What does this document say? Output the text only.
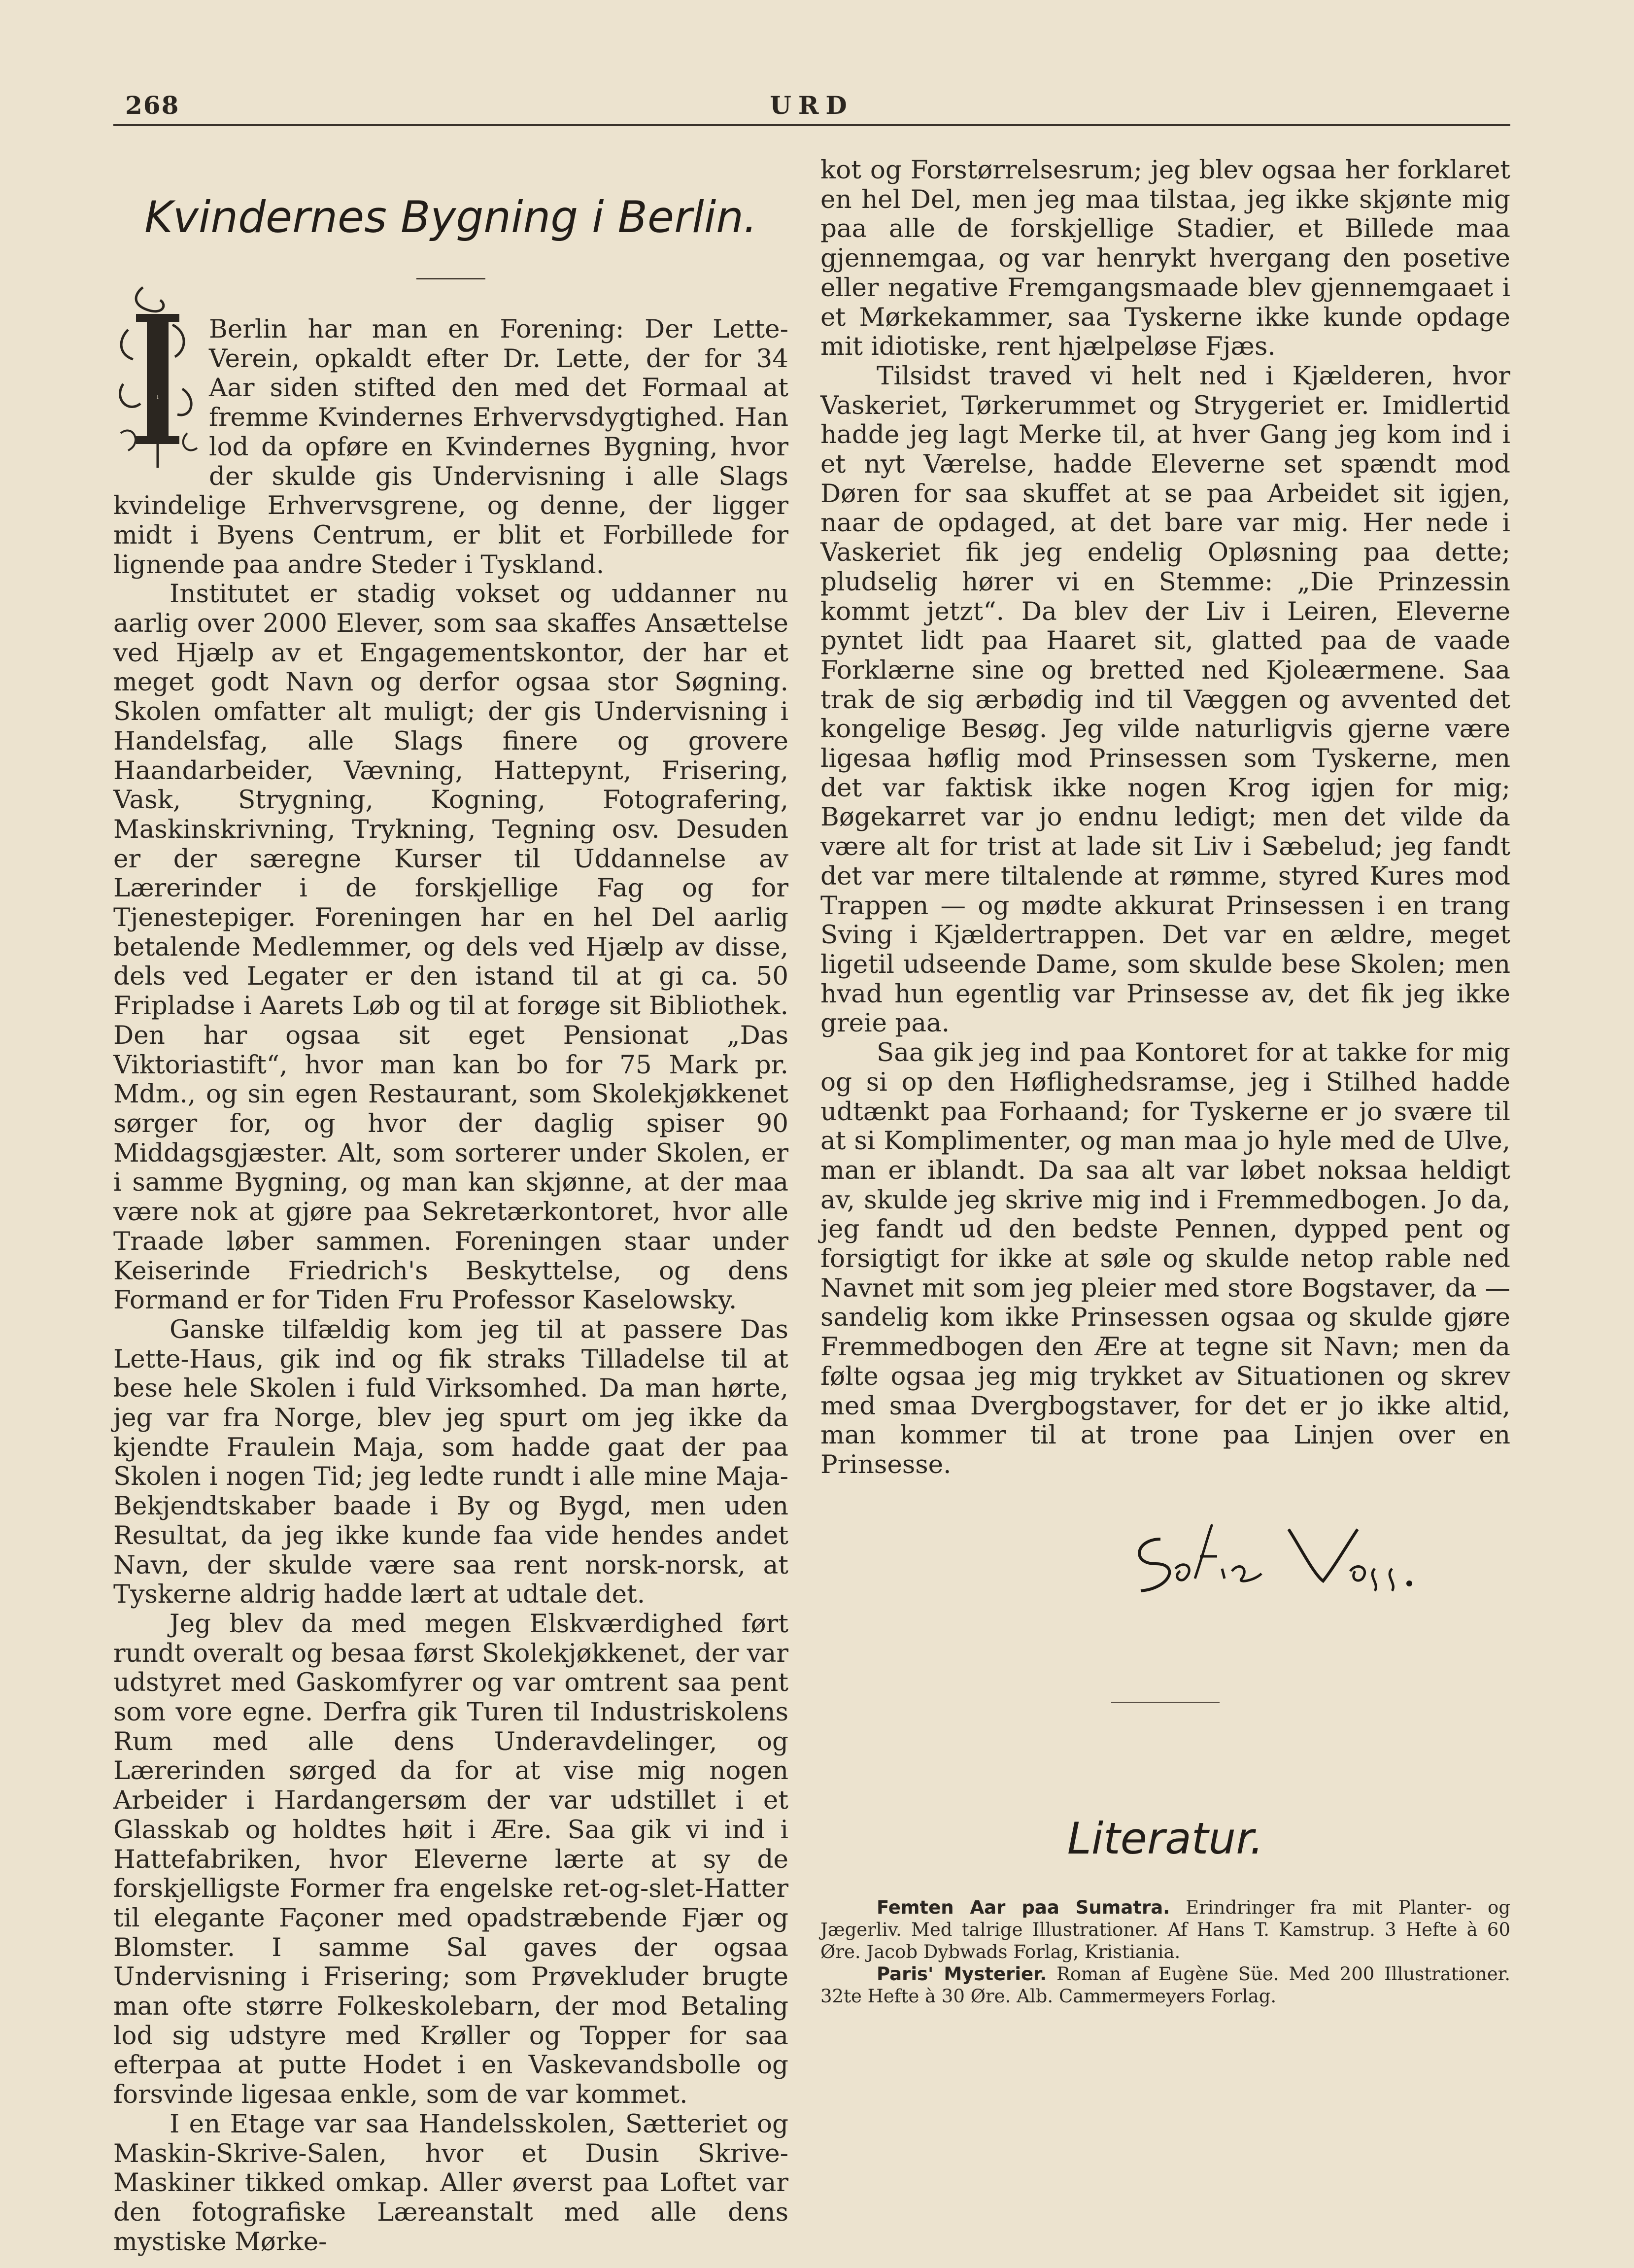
268	URD
Kvindernes Bygning i Berlin.
I

Berlin har man en Forening: Der Lette-Verein, opkaldt efter Dr. Lette, der for 34 Aar siden stifted den med det Formaal at fremme Kvindernes Erhvervsdygtighed. Han lod da opføre en Kvindernes Bygning, hvor der skulde gis Undervisning i alle Slags kvindelige Erhvervsgrene, og denne, der ligger midt i Byens Centrum, er blit et Forbillede for lignende paa andre Steder i Tyskland.

Institutet er stadig vokset og uddanner nu aarlig over 2000 Elever, som saa skaffes Ansættelse ved Hjælp av et Engagementskontor, der har et meget godt Navn og derfor ogsaa stor Søgning. Skolen omfatter alt muligt; der gis Undervisning i Handelsfag, alle Slags finere og grovere Haandarbeider, Vævning, Hattepynt, Frisering, Vask, Strygning, Kogning, Fotografering, Maskinskrivning, Trykning, Tegning osv. Desuden er der særegne Kurser til Uddannelse av Lærerinder i de forskjellige Fag og for Tjenestepiger. Foreningen har en hel Del aarlig betalende Medlemmer, og dels ved Hjælp av disse, dels ved Legater er den istand til at gi ca. 50 Fripladse i Aarets Løb og til at forøge sit Bibliothek. Den har ogsaa sit eget Pensionat „Das Viktoriastift“, hvor man kan bo for 75 Mark pr. Mdm., og sin egen Restaurant, som Skolekjøkkenet sørger for, og hvor der daglig spiser 90 Middagsgjæster. Alt, som sorterer under Skolen, er i samme Bygning, og man kan skjønne, at der maa være nok at gjøre paa Sekretærkontoret, hvor alle Traade løber sammen. Foreningen staar under Keiserinde Friedrich's Beskyttelse, og dens Formand er for Tiden Fru Professor Kaselowsky.

Ganske tilfældig kom jeg til at passere Das Lette-Haus, gik ind og fik straks Tilladelse til at bese hele Skolen i fuld Virksomhed. Da man hørte, jeg var fra Norge, blev jeg spurt om jeg ikke da kjendte Fraulein Maja, som hadde gaat der paa Skolen i nogen Tid; jeg ledte rundt i alle mine Maja-Bekjendtskaber baade i By og Bygd, men uden Resultat, da jeg ikke kunde faa vide hendes andet Navn, der skulde være saa rent norsk-norsk, at Tyskerne aldrig hadde lært at udtale det.

Jeg blev da med megen Elskværdighed ført rundt overalt og besaa først Skolekjøkkenet, der var udstyret med Gaskomfyrer og var omtrent saa pent som vore egne. Derfra gik Turen til Industriskolens Rum med alle dens Underavdelinger, og Lærerinden sørged da for at vise mig nogen Arbeider i Hardangersøm der var udstillet i et Glasskab og holdtes høit i Ære. Saa gik vi ind i Hattefabriken, hvor Eleverne lærte at sy de forskjelligste Former fra engelske ret-og-slet-Hatter til elegante Façoner med opadstræbende Fjær og Blomster. I samme Sal gaves der ogsaa Undervisning i Frisering; som Prøvekluder brugte man ofte større Folkeskolebarn, der mod Betaling lod sig udstyre med Krøller og Topper for saa efterpaa at putte Hodet i en Vaskevandsbolle og forsvinde ligesaa enkle, som de var kommet.

I en Etage var saa Handelsskolen, Sætteriet og Maskin-Skrive-Salen, hvor et Dusin Skrive-Maskiner tikked omkap. Aller øverst paa Loftet var den fotografiske Læreanstalt med alle dens mystiske Mørke-

kot og Forstørrelsesrum; jeg blev ogsaa her forklaret en hel Del, men jeg maa tilstaa, jeg ikke skjønte mig paa alle de forskjellige Stadier, et Billede maa gjennemgaa, og var henrykt hvergang den posetive eller negative Fremgangsmaade blev gjennemgaaet i et Mørkekammer, saa Tyskerne ikke kunde opdage mit idiotiske, rent hjælpeløse Fjæs.

Tilsidst traved vi helt ned i Kjælderen, hvor Vaskeriet, Tørkerummet og Strygeriet er. Imidlertid hadde jeg lagt Merke til, at hver Gang jeg kom ind i et nyt Værelse, hadde Eleverne set spændt mod Døren for saa skuffet at se paa Arbeidet sit igjen, naar de opdaged, at det bare var mig. Her nede i Vaskeriet fik jeg endelig Opløsning paa dette; pludselig hører vi en Stemme: „Die Prinzessin kommt jetzt“. Da blev der Liv i Leiren, Eleverne pyntet lidt paa Haaret sit, glatted paa de vaade Forklærne sine og bretted ned Kjoleærmene. Saa trak de sig ærbødig ind til Væggen og avvented det kongelige Besøg. Jeg vilde naturligvis gjerne være ligesaa høflig mod Prinsessen som Tyskerne, men det var faktisk ikke nogen Krog igjen for mig; Bøgekarret var jo endnu ledigt; men det vilde da være alt for trist at lade sit Liv i Sæbelud; jeg fandt det var mere tiltalende at rømme, styred Kures mod Trappen — og mødte akkurat Prinsessen i en trang Sving i Kjældertrappen. Det var en ældre, meget ligetil udseende Dame, som skulde bese Skolen; men hvad hun egentlig var Prinsesse av, det fik jeg ikke greie paa.

Saa gik jeg ind paa Kontoret for at takke for mig og si op den Høflighedsramse, jeg i Stilhed hadde udtænkt paa Forhaand; for Tyskerne er jo svære til at si Komplimenter, og man maa jo hyle med de Ulve, man er iblandt. Da saa alt var løbet noksaa heldigt av, skulde jeg skrive mig ind i Fremmedbogen. Jo da, jeg fandt ud den bedste Pennen, dypped pent og forsigtigt for ikke at søle og skulde netop rable ned Navnet mit som jeg pleier med store Bogstaver, da — sandelig kom ikke Prinsessen ogsaa og skulde gjøre Fremmedbogen den Ære at tegne sit Navn; men da følte ogsaa jeg mig trykket av Situationen og skrev med smaa Dvergbogstaver, for det er jo ikke altid, man kommer til at trone paa Linjen over en Prinsesse.

Literatur.

Femten Aar paa Sumatra. Erindringer fra mit Planter- og Jægerliv. Med talrige Illustrationer. Af Hans T. Kamstrup. 3 Hefte à 60 Øre. Jacob Dybwads Forlag, Kristiania.

Paris' Mysterier. Roman af Eugène Süe. Med 200 Illustrationer. 32te Hefte à 30 Øre. Alb. Cammermeyers Forlag.
